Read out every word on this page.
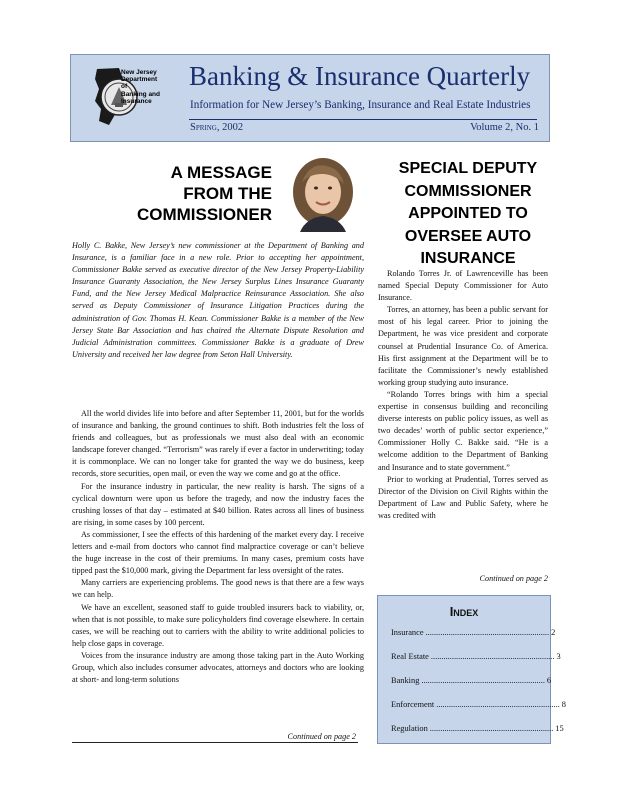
New Jersey
Department
of
Banking and
Insurance
Banking & Insurance Quarterly
Information for New Jersey’s Banking, Insurance and Real Estate Industries
Spring, 2002	Volume 2, No. 1

A MESSAGE

FROM THE

COMMISSIONER

Holly C. Bakke, New Jersey’s new commissioner at the Department of Banking and Insurance, is a familiar face in a new role. Prior to accepting her appointment, Commissioner Bakke served as executive director of the New Jersey Property-Liability Insurance Guaranty Association, the New Jersey Surplus Lines Insurance Guaranty Fund, and the New Jersey Medical Malpractice Reinsurance Association. She also served as Deputy Commissioner of Insurance Litigation Practices during the administration of Gov. Thomas H. Kean. Commissioner Bakke is a member of the New Jersey State Bar Association and has chaired the Alternate Dispute Resolution and Judicial Administration committees. Commissioner Bakke is a graduate of Drew University and received her law degree from Seton Hall University.

All the world divides life into before and after September 11, 2001, but for the worlds of insurance and banking, the ground continues to shift. Both industries felt the loss of friends and colleagues, but as professionals we must also deal with an economic landscape forever changed. “Terrorism” was rarely if ever a factor in underwriting; today it is commonplace. We can no longer take for granted the way we do business, keep records, store securities, open mail, or even the way we come and go at the office.

For the insurance industry in particular, the new reality is harsh. The signs of a cyclical downturn were upon us before the tragedy, and now the industry faces the crushing losses of that day – estimated at $40 billion. Rates across all lines of business are rising, in some cases by 100 percent.

As commissioner, I see the effects of this hardening of the market every day. I receive letters and e-mail from doctors who cannot find malpractice coverage or can’t believe the huge increase in the cost of their premiums. In many cases, premium costs have tipped past the $10,000 mark, giving the Department far less oversight of the rates.

Many carriers are experiencing problems. The good news is that there are a few ways we can help.

We have an excellent, seasoned staff to guide troubled insurers back to viability, or, when that is not possible, to make sure policyholders find coverage elsewhere. In certain cases, we will be reaching out to carriers with the ability to write additional policies to help close gaps in coverage.

Voices from the insurance industry are among those taking part in the Auto Working Group, which also includes consumer advocates, attorneys and doctors who are looking at short- and long-term solutions

Continued on page 2

SPECIAL DEPUTY

COMMISSIONER

APPOINTED TO

OVERSEE AUTO

INSURANCE

Rolando Torres Jr. of Lawrenceville has been named Special Deputy Commissioner for Auto Insurance.

Torres, an attorney, has been a public servant for most of his legal career. Prior to joining the Department, he was vice president and corporate counsel at Prudential Insurance Co. of America. His first assignment at the Department will be to facilitate the Commissioner’s newly established working group studying auto insurance.

“Rolando Torres brings with him a special expertise in consensus building and reconciling diverse interests on public policy issues, as well as two decades’ worth of public sector experience,” Commissioner Holly C. Bakke said. “He is a welcome addition to the Department of Banking and Insurance and to state government.”

Prior to working at Prudential, Torres served as Director of the Division on Civil Rights within the Department of Law and Public Safety, where he was credited with

Continued on page 2

Index
Insurance ........................................................... 2
Real Estate ........................................................... 3
Banking ........................................................... 6
Enforcement ........................................................... 8
Regulation ........................................................... 15
